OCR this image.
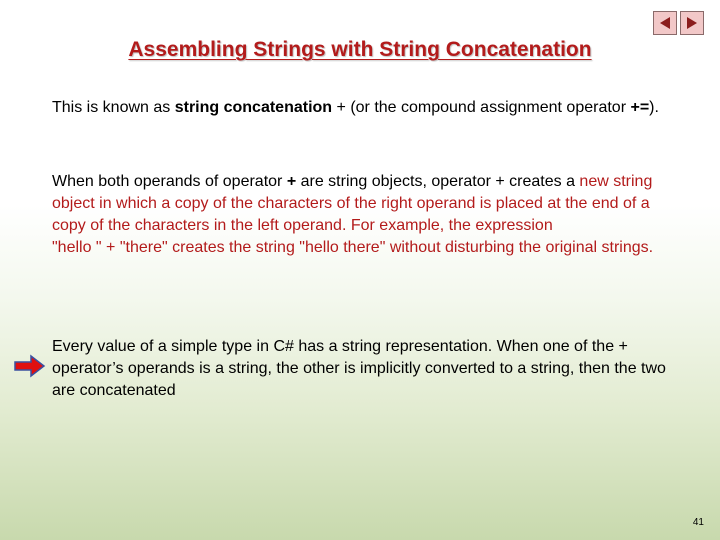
Assembling Strings with String Concatenation
This is known as string concatenation + (or the compound assignment operator +=).
When both operands of operator + are string objects, operator + creates a new string object in which a copy of the characters of the right operand is placed at the end of a copy of the characters in the left operand. For example, the expression
"hello " + "there" creates the string "hello there" without disturbing the original strings.
Every value of a simple type in C# has a string representation. When one of the + operator’s operands is a string, the other is implicitly converted to a string, then the two are concatenated
41
